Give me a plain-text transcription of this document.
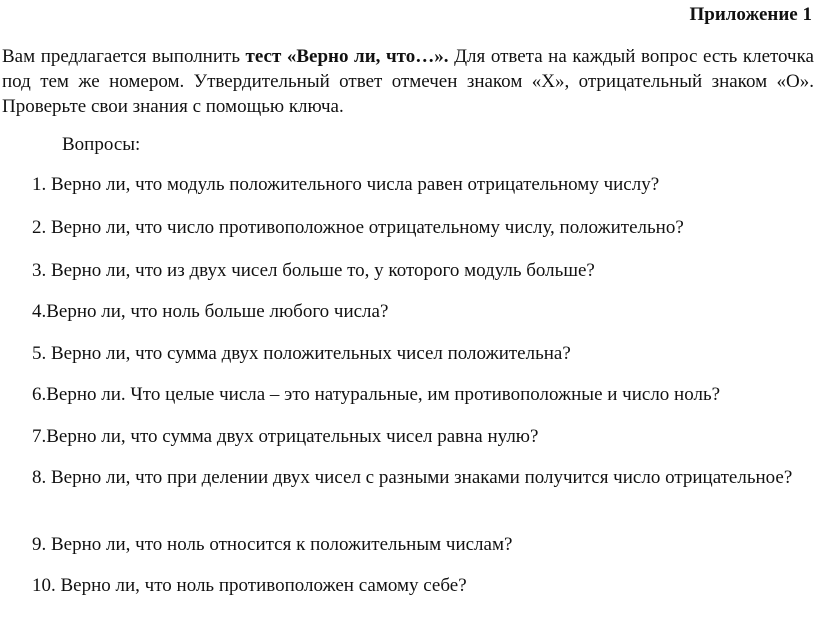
Приложение 1
Вам предлагается выполнить тест «Верно ли, что…». Для ответа на каждый вопрос есть клеточка под тем же номером. Утвердительный ответ отмечен знаком «X», отрицательный знаком «O». Проверьте свои знания с помощью ключа.
Вопросы:
1. Верно ли, что модуль положительного числа равен отрицательному числу?
2. Верно ли, что число противоположное отрицательному числу, положительно?
3. Верно ли, что из двух чисел больше то, у которого модуль больше?
4.Верно ли, что ноль больше любого числа?
5. Верно ли, что сумма двух положительных чисел положительна?
6.Верно ли. Что целые числа – это натуральные, им противоположные и число ноль?
7.Верно ли, что сумма двух отрицательных чисел равна нулю?
8. Верно ли, что при делении двух чисел с разными знаками получится число отрицательное?
9. Верно ли, что ноль относится к положительным числам?
10. Верно ли, что ноль противоположен самому себе?
